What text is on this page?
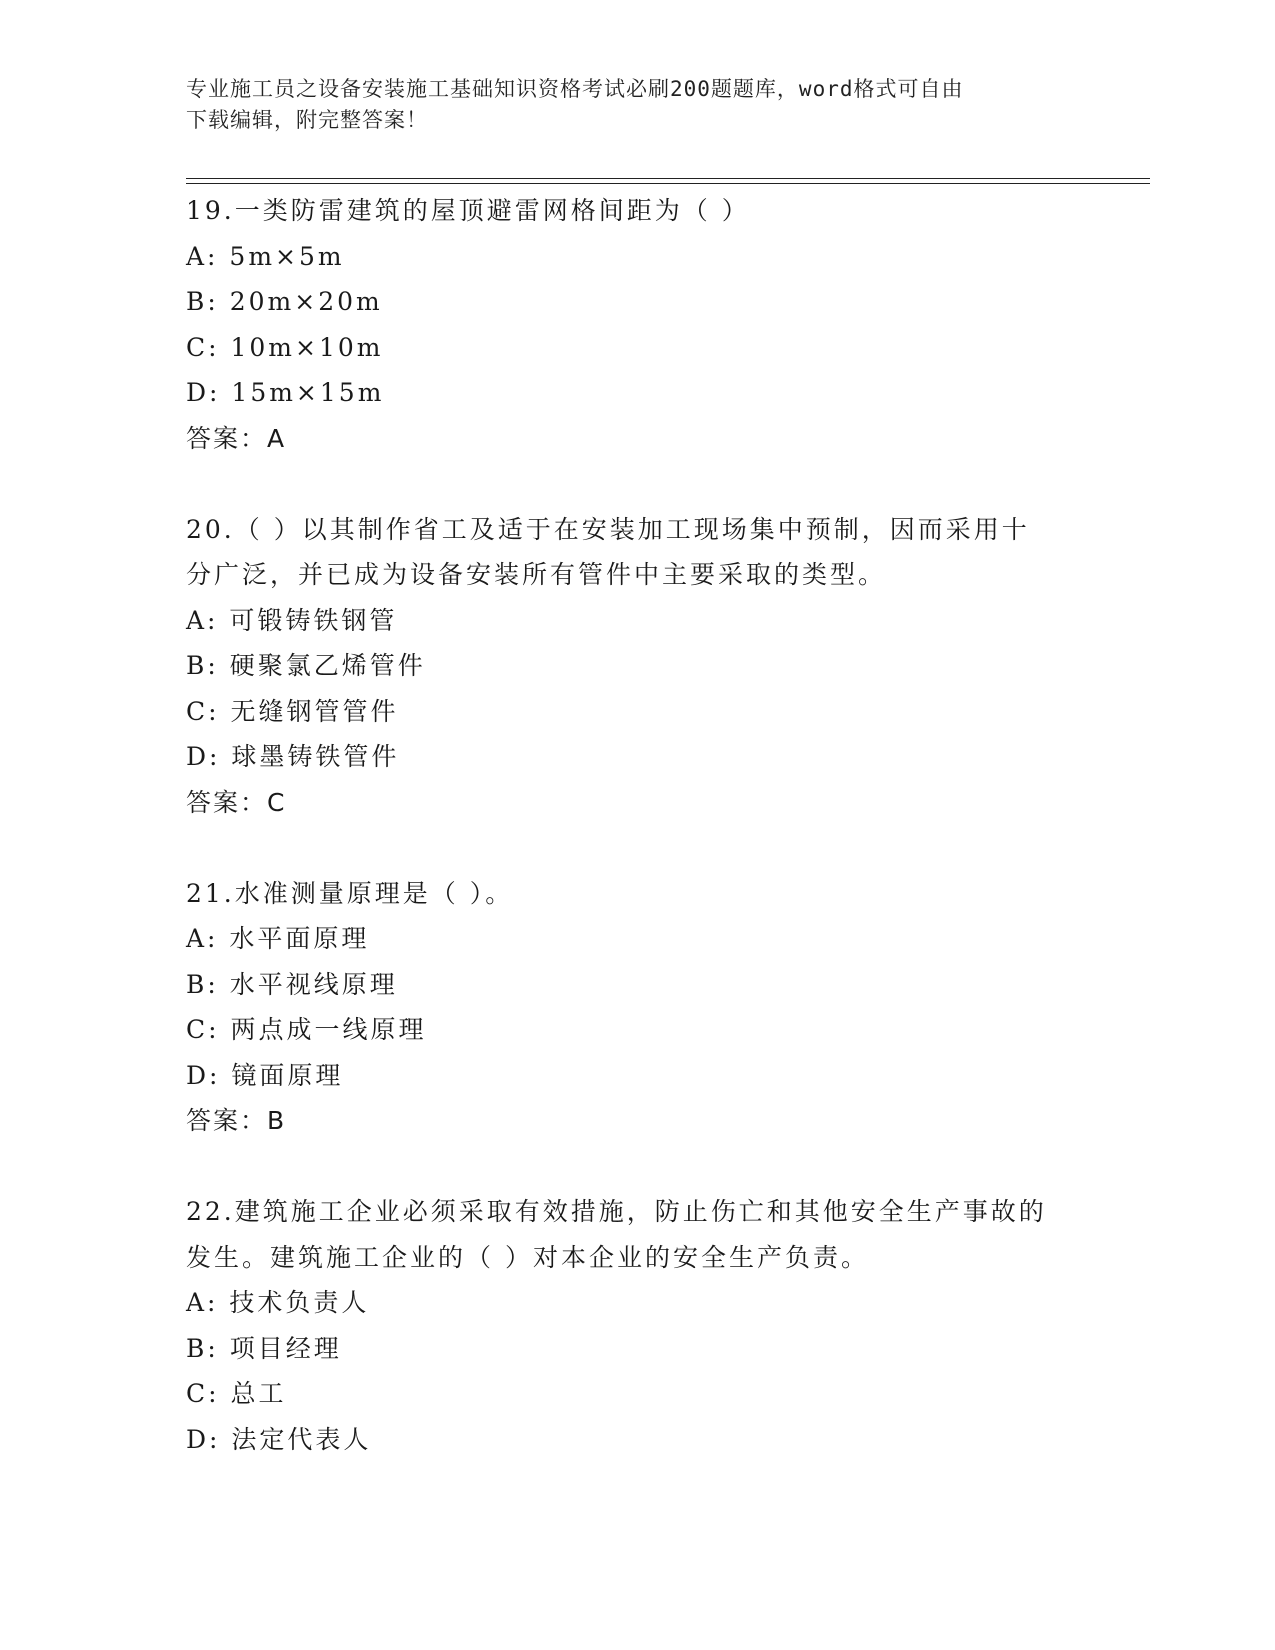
专业施工员之设备安装施工基础知识资格考试必刷200题题库，word格式可自由
下载编辑，附完整答案！
19.一类防雷建筑的屋顶避雷网格间距为（ ）
A: 5m×5m
B: 20m×20m
C: 10m×10m
D: 15m×15m
答案：A
20.（ ）以其制作省工及适于在安装加工现场集中预制，因而采用十
分广泛，并已成为设备安装所有管件中主要采取的类型。
A: 可锻铸铁钢管
B: 硬聚氯乙烯管件
C: 无缝钢管管件
D: 球墨铸铁管件
答案：C
21.水准测量原理是（ ）。
A: 水平面原理
B: 水平视线原理
C: 两点成一线原理
D: 镜面原理
答案：B
22.建筑施工企业必须采取有效措施，防止伤亡和其他安全生产事故的
发生。建筑施工企业的（ ）对本企业的安全生产负责。
A: 技术负责人
B: 项目经理
C: 总工
D: 法定代表人
